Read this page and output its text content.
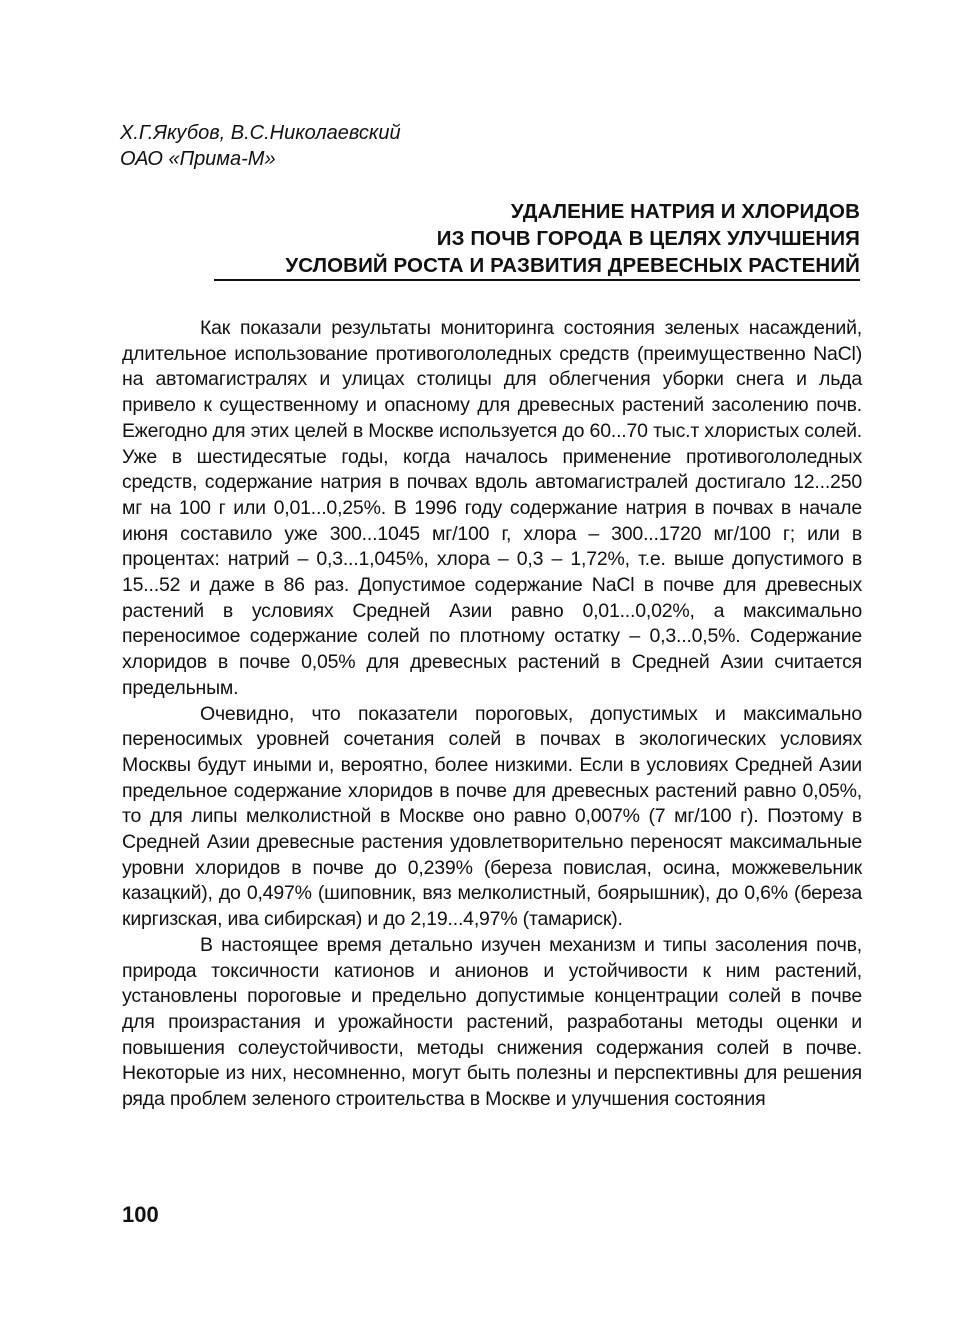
Х.Г.Якубов, В.С.Николаевский
ОАО «Прима-М»
УДАЛЕНИЕ НАТРИЯ И ХЛОРИДОВ
ИЗ ПОЧВ ГОРОДА В ЦЕЛЯХ УЛУЧШЕНИЯ
УСЛОВИЙ РОСТА И РАЗВИТИЯ ДРЕВЕСНЫХ РАСТЕНИЙ

Как показали результаты мониторинга состояния зеленых насаждений, длительное использование противогололедных средств (преимущественно NaCl) на автомагистралях и улицах столицы для облегчения уборки снега и льда привело к существенному и опасному для древесных растений засолению почв. Ежегодно для этих целей в Москве используется до 60...70 тыс.т хлористых солей. Уже в шестидесятые годы, когда началось применение противогололедных средств, содержание натрия в почвах вдоль автомагистралей достигало 12...250 мг на 100 г или 0,01...0,25%. В 1996 году содержание натрия в почвах в начале июня составило уже 300...1045 мг/100 г, хлора – 300...1720 мг/100 г; или в процентах: натрий – 0,3...1,045%, хлора – 0,3 – 1,72%, т.е. выше допустимого в 15...52 и даже в 86 раз. Допустимое содержание NaCl в почве для древесных растений в условиях Средней Азии равно 0,01...0,02%, а максимально переносимое содержание солей по плотному остатку – 0,3...0,5%. Содержание хлоридов в почве 0,05% для древесных растений в Средней Азии считается предельным.

Очевидно, что показатели пороговых, допустимых и максимально переносимых уровней сочетания солей в почвах в экологических условиях Москвы будут иными и, вероятно, более низкими. Если в условиях Средней Азии предельное содержание хлоридов в почве для древесных растений равно 0,05%, то для липы мелколистной в Москве оно равно 0,007% (7 мг/100 г). Поэтому в Средней Азии древесные растения удовлетворительно переносят максимальные уровни хлоридов в почве до 0,239% (береза повислая, осина, можжевельник казацкий), до 0,497% (шиповник, вяз мелколистный, боярышник), до 0,6% (береза киргизская, ива сибирская) и до 2,19...4,97% (тамариск).

В настоящее время детально изучен механизм и типы засоления почв, природа токсичности катионов и анионов и устойчивости к ним растений, установлены пороговые и предельно допустимые концентрации солей в почве для произрастания и урожайности растений, разработаны методы оценки и повышения солеустойчивости, методы снижения содержания солей в почве. Некоторые из них, несомненно, могут быть полезны и перспективны для решения ряда проблем зеленого строительства в Москве и улучшения состояния

100
